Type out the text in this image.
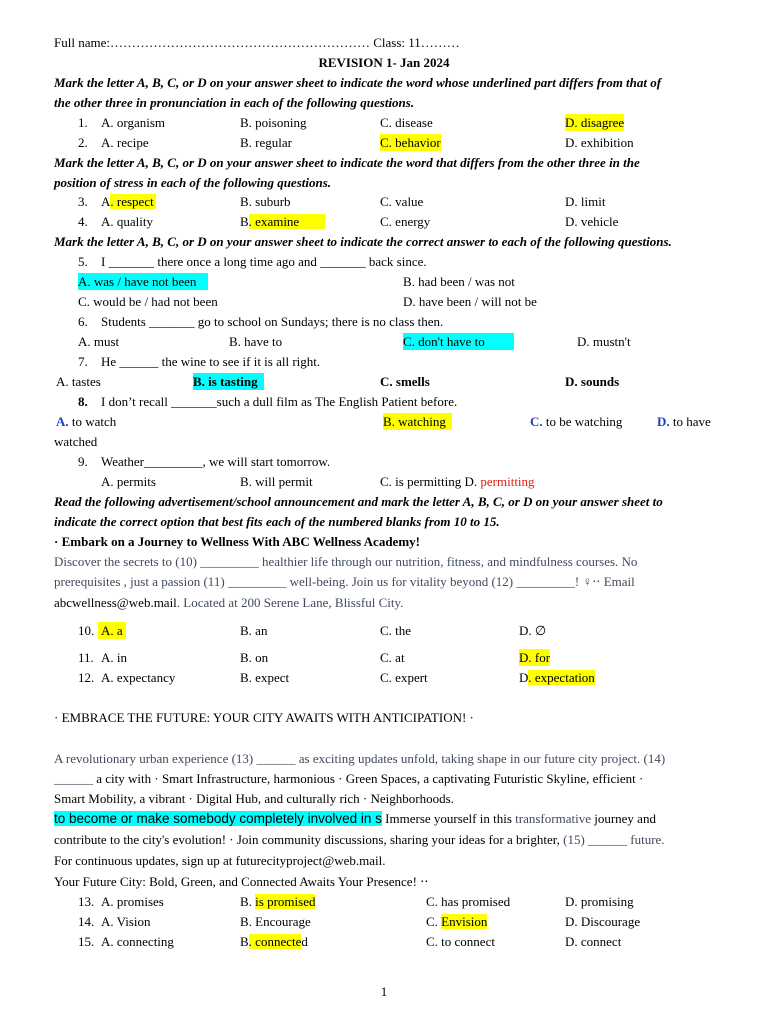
Full name:…………………………………………………… Class: 11………
REVISION 1- Jan 2024
Mark the letter A, B, C, or D on your answer sheet to indicate the word whose underlined part differs from that of
the other three in pronunciation in each of the following questions.
1. A. organism	B. poisoning	C. disease	D. disagree
2. A. recipe	B. regular	C. behavior	D. exhibition
Mark the letter A, B, C, or D on your answer sheet to indicate the word that differs from the other three in the
position of stress in each of the following questions.
3. A. respect	B. suburb	C. value	D. limit
4. A. quality	B. examine	C. energy	D. vehicle
Mark the letter A, B, C, or D on your answer sheet to indicate the correct answer to each of the following questions.
5. I _______ there once a long time ago and _______ back since.
A. was / have not been	B. had been / was not
C. would be / had not been	D. have been / will not be
6. Students _______ go to school on Sundays; there is no class then.
A. must	B. have to	C. don't have to	D. mustn't
7. He ______ the wine to see if it is all right.
A. tastes	B. is tasting	C. smells	D. sounds
8. I don’t recall _______such a dull film as The English Patient before.
A. to watch	B. watching	C. to be watching	D. to have
watched
9. Weather_________, we will start tomorrow.
A. permits	B. will permit	C. is permitting D. permitting
Read the following advertisement/school announcement and mark the letter A, B, C, or D on your answer sheet to
indicate the correct option that best fits each of the numbered blanks from 10 to 15.
· Embark on a Journey to Wellness With ABC Wellness Academy!
Discover the secrets to (10) _________ healthier life through our nutrition, fitness, and mindfulness courses. No
prerequisites , just a passion (11) _________ well-being. Join us for vitality beyond (12) _________! ♀‧‧ Email
abcwellness@web.mail. Located at 200 Serene Lane, Blissful City.
10. A. a	B. an	C. the	D. ∅
11. A. in	B. on	C. at	D. for
12. A. expectancy	B. expect	C. expert	D. expectation
· EMBRACE THE FUTURE: YOUR CITY AWAITS WITH ANTICIPATION! ·
A revolutionary urban experience (13) ______ as exciting updates unfold, taking shape in our future city project. (14)
______ a city with · Smart Infrastructure, harmonious · Green Spaces, a captivating Futuristic Skyline, efficient ·
Smart Mobility, a vibrant · Digital Hub, and culturally rich · Neighborhoods.
to become or make somebody completely involved in s Immerse yourself in this transformative journey and
contribute to the city's evolution! · Join community discussions, sharing your ideas for a brighter, (15) ______ future.
For continuous updates, sign up at futurecityproject@web.mail.
Your Future City: Bold, Green, and Connected Awaits Your Presence! ‧‧
13. A. promises	B. is promised	C. has promised	D. promising
14. A. Vision	B. Encourage	C. Envision	D. Discourage
15. A. connecting	B. connected	C. to connect	D. connect
1
